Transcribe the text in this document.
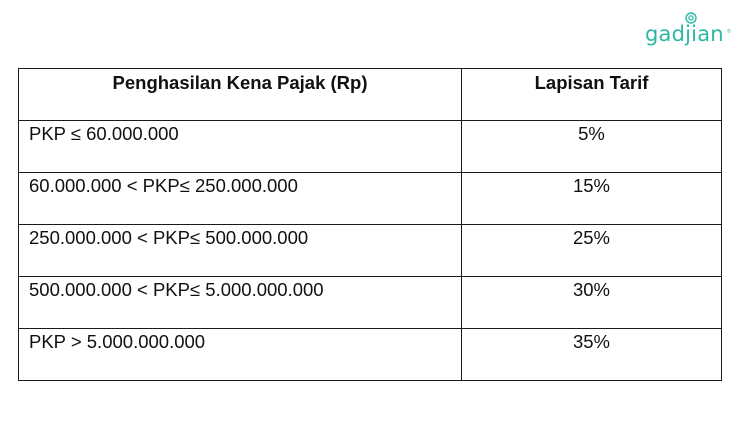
gadjian ®
Penghasilan Kena Pajak (Rp)	Lapisan Tarif

PKP ≤ 60.000.000	5%
60.000.000 < PKP≤ 250.000.000	15%
250.000.000 < PKP≤ 500.000.000	25%
500.000.000 < PKP≤ 5.000.000.000	30%
PKP > 5.000.000.000	35%
